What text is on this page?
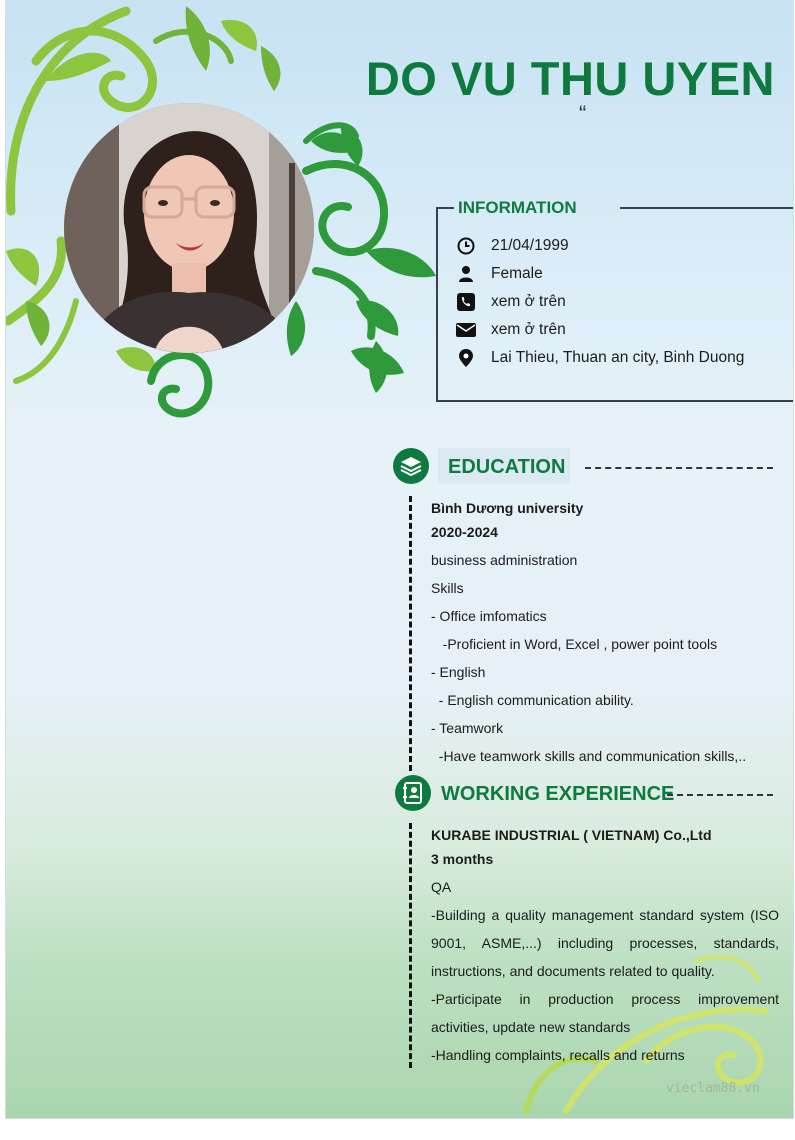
DO VU THU UYEN
“
INFORMATION
21/04/1999
Female
xem ở trên
xem ở trên
Lai Thieu, Thuan an city, Binh Duong
EDUCATION
Bình Dương university
2020-2024
business administration
Skills
- Office imfomatics
-Proficient in Word, Excel , power point tools
- English
- English communication ability.
- Teamwork
-Have teamwork skills and communication skills,..
WORKING EXPERIENCE
KURABE INDUSTRIAL ( VIETNAM) Co.,Ltd
3 months
QA
-Building a quality management standard system (ISO 9001, ASME,...) including processes, standards, instructions, and documents related to quality.
-Participate in production process improvement activities, update new standards
-Handling complaints, recalls and returns
vieclam88.vn
